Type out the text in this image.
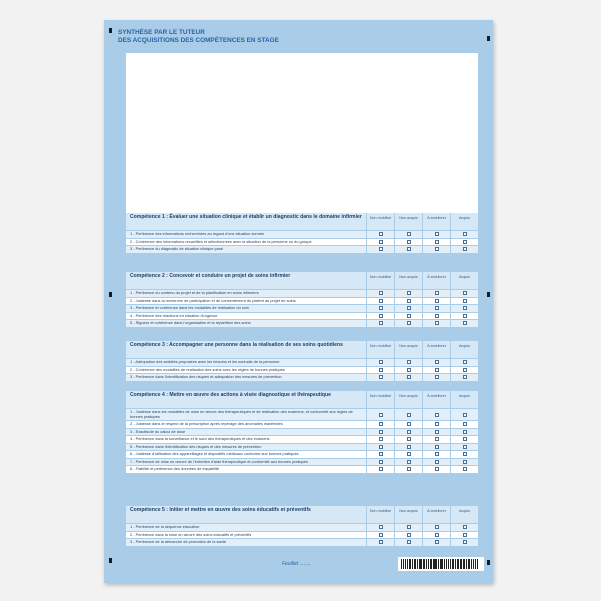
SYNTHÈSE PAR LE TUTEUR
DES ACQUISITIONS DES COMPÉTENCES EN STAGE
Compétence 1 : Évaluer une situation clinique et établir un diagnostic dans le domaine infirmier	Non mobilisé	Non acquis	À améliorer	Acquis
1 - Pertinence des informations recherchées au regard d'une situation donnée
2 - Cohérence des informations recueillies et sélectionnées avec la situation de la personne ou du groupe
3 - Pertinence du diagnostic de situation clinique posé
Compétence 2 : Concevoir et conduire un projet de soins infirmier	Non mobilisé	Non acquis	À améliorer	Acquis
1 - Pertinence du contenu du projet et de la planification en soins infirmiers
2 - Justesse dans la recherche de participation et de consentement du patient au projet de soins
3 - Pertinence et cohérence dans les modalités de réalisation du soin
4 - Pertinence des réactions en situation d'urgence
5 - Rigueur et cohérence dans l'organisation et la répartition des soins
Compétence 3 : Accompagner une personne dans la réalisation de ses soins quotidiens	Non mobilisé	Non acquis	À améliorer	Acquis
1 - Adéquation des activités proposées avec les besoins et les souhaits de la personne
2 - Cohérence des modalités de réalisation des soins avec les règles de bonnes pratiques
3 - Pertinence dans l'identification des risques et adéquation des mesures de prévention
Compétence 4 : Mettre en œuvre des actions à visée diagnostique et thérapeutique	Non mobilisé	Non acquis	À améliorer	Acquis
1 - Justesse dans les modalités de mise en œuvre des thérapeutiques et de réalisation des examens, et conformité aux règles de bonnes pratiques
2 - Justesse dans le respect de la prescription après repérage des anomalies manifestes
3 - Exactitude du calcul de dose
4 - Pertinence dans la surveillance et le suivi des thérapeutiques et des examens
5 - Pertinence dans l'identification des risques et des mesures de prévention
6 - Justesse d'utilisation des appareillages et dispositifs médicaux conforme aux bonnes pratiques
7 - Pertinence de mise en œuvre de l'entretien d'aide thérapeutique et conformité aux bonnes pratiques
8 - Fiabilité et pertinence des données de traçabilité
Compétence 5 : Initier et mettre en œuvre des soins éducatifs et préventifs	Non mobilisé	Non acquis	À améliorer	Acquis
1 - Pertinence de la séquence éducative
2 - Pertinence dans la mise en œuvre des soins éducatifs et préventifs
3 - Pertinence de la démarche de promotion de la santé
Feuillet ........
